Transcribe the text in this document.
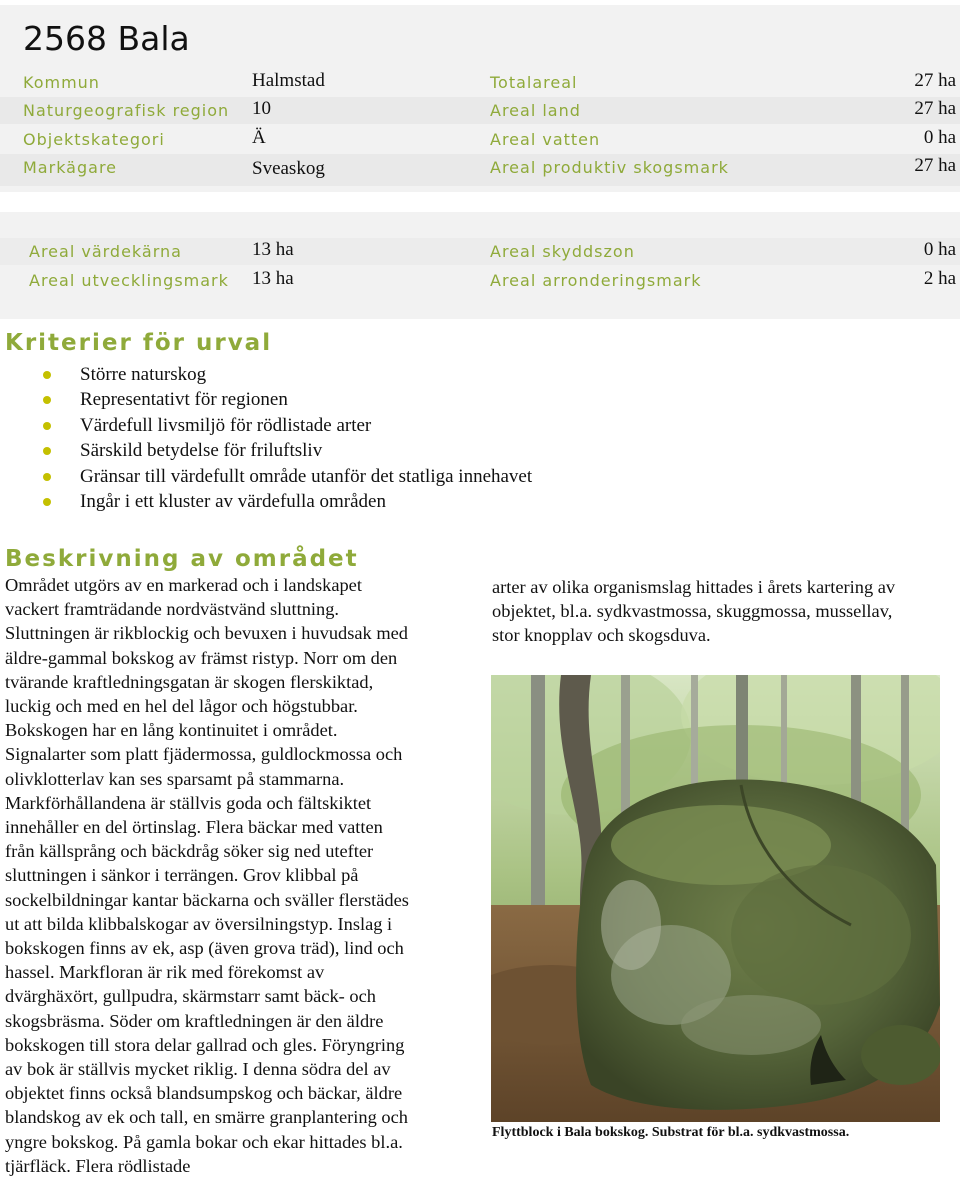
2568 Bala
Kommun	Halmstad	Totalareal	27 ha
Naturgeografisk region 10	Areal land	27 ha
Objektskategori	Ä	Areal vatten	0 ha
Markägare	Sveaskog	Areal produktiv skogsmark	27 ha
Areal värdekärna	13 ha	Areal skyddszon	0 ha
Areal utvecklingsmark 13 ha	Areal arronderingsmark	2 ha
Kriterier för urval
Större naturskog
Representativt för regionen
Värdefull livsmiljö för rödlistade arter
Särskild betydelse för friluftsliv
Gränsar till värdefullt område utanför det statliga innehavet
Ingår i ett kluster av värdefulla områden
Beskrivning av området
Området utgörs av en markerad och i landskapet
vackert framträdande nordvästvänd sluttning.
Sluttningen är rikblockig och bevuxen i huvudsak med
äldre-gammal bokskog av främst ristyp. Norr om den
tvärande kraftledningsgatan är skogen flerskiktad,
luckig och med en hel del lågor och högstubbar.
Bokskogen har en lång kontinuitet i området.
Signalarter som platt fjädermossa, guldlockmossa och
olivklotterlav kan ses sparsamt på stammarna.
Markförhållandena är ställvis goda och fältskiktet
innehåller en del örtinslag. Flera bäckar med vatten
från källsprång och bäckdråg söker sig ned utefter
sluttningen i sänkor i terrängen. Grov klibbal på
sockelbildningar kantar bäckarna och sväller flerstädes
ut att bilda klibbalskogar av översilningstyp. Inslag i
bokskogen finns av ek, asp (även grova träd), lind och
hassel. Markfloran är rik med förekomst av
dvärghäxört, gullpudra, skärmstarr samt bäck- och
skogsbräsma. Söder om kraftledningen är den äldre
bokskogen till stora delar gallrad och gles. Föryngring
av bok är ställvis mycket riklig. I denna södra del av
objektet finns också blandsumpskog och bäckar, äldre
blandskog av ek och tall, en smärre granplantering och
yngre bokskog. På gamla bokar och ekar hittades bl.a.
tjärfläck. Flera rödlistade
arter av olika organismslag hittades i årets kartering av
objektet, bl.a. sydkvastmossa, skuggmossa, mussellav,
stor knopplav och skogsduva.
Flyttblock i Bala bokskog. Substrat för bl.a. sydkvastmossa.
